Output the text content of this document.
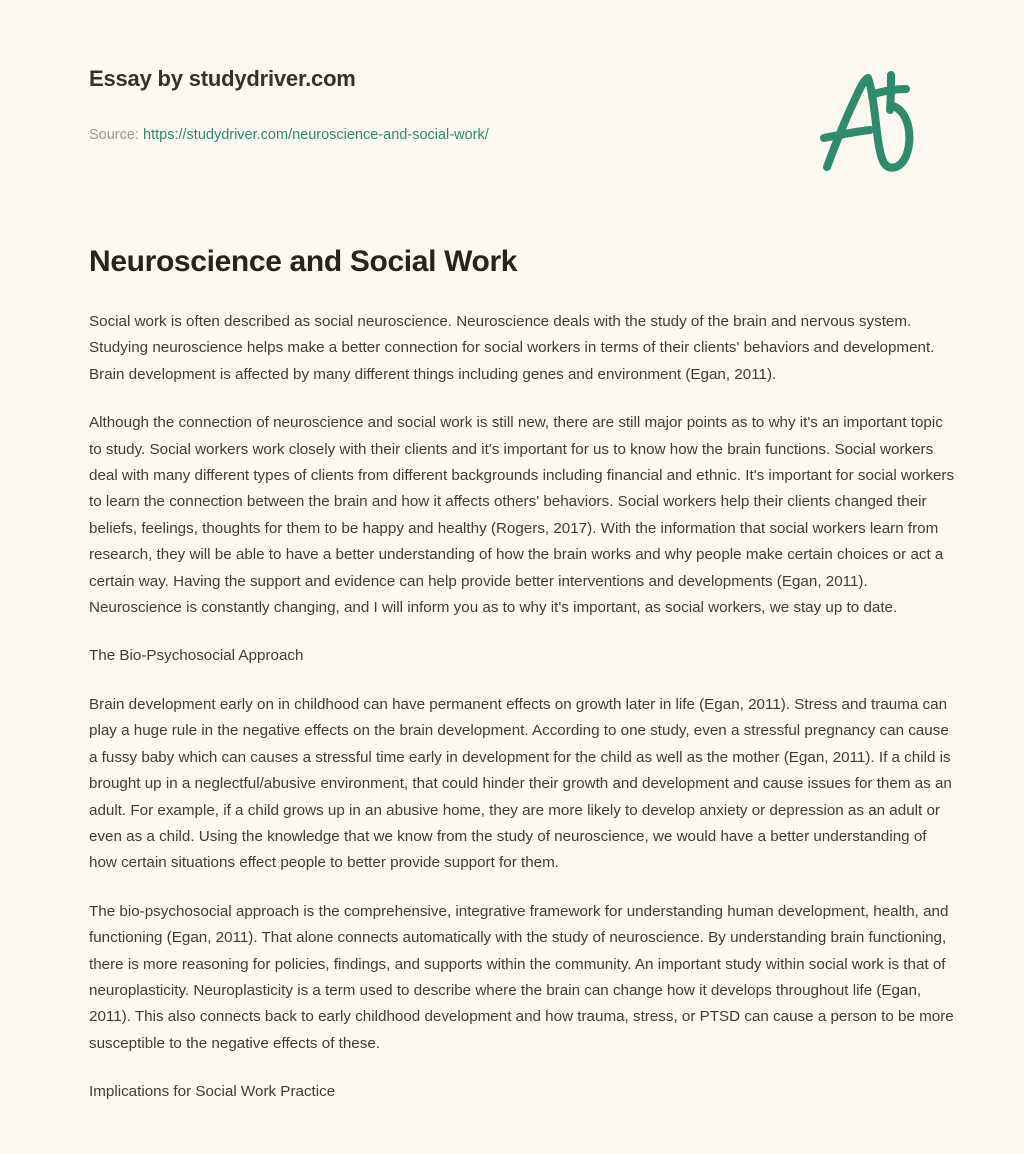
Essay by studydriver.com
Source: https://studydriver.com/neuroscience-and-social-work/
Neuroscience and Social Work

Social work is often described as social neuroscience. Neuroscience deals with the study of the brain and nervous system. Studying neuroscience helps make a better connection for social workers in terms of their clients' behaviors and development. Brain development is affected by many different things including genes and environment (Egan, 2011).

Although the connection of neuroscience and social work is still new, there are still major points as to why it's an important topic to study. Social workers work closely with their clients and it's important for us to know how the brain functions. Social workers deal with many different types of clients from different backgrounds including financial and ethnic. It's important for social workers to learn the connection between the brain and how it affects others' behaviors. Social workers help their clients changed their beliefs, feelings, thoughts for them to be happy and healthy (Rogers, 2017). With the information that social workers learn from research, they will be able to have a better understanding of how the brain works and why people make certain choices or act a certain way. Having the support and evidence can help provide better interventions and developments (Egan, 2011). Neuroscience is constantly changing, and I will inform you as to why it's important, as social workers, we stay up to date.

The Bio-Psychosocial Approach

Brain development early on in childhood can have permanent effects on growth later in life (Egan, 2011). Stress and trauma can play a huge rule in the negative effects on the brain development. According to one study, even a stressful pregnancy can cause a fussy baby which can causes a stressful time early in development for the child as well as the mother (Egan, 2011). If a child is brought up in a neglectful/abusive environment, that could hinder their growth and development and cause issues for them as an adult. For example, if a child grows up in an abusive home, they are more likely to develop anxiety or depression as an adult or even as a child. Using the knowledge that we know from the study of neuroscience, we would have a better understanding of how certain situations effect people to better provide support for them.

The bio-psychosocial approach is the comprehensive, integrative framework for understanding human development, health, and functioning (Egan, 2011). That alone connects automatically with the study of neuroscience. By understanding brain functioning, there is more reasoning for policies, findings, and supports within the community. An important study within social work is that of neuroplasticity. Neuroplasticity is a term used to describe where the brain can change how it develops throughout life (Egan, 2011). This also connects back to early childhood development and how trauma, stress, or PTSD can cause a person to be more susceptible to the negative effects of these.

Implications for Social Work Practice
